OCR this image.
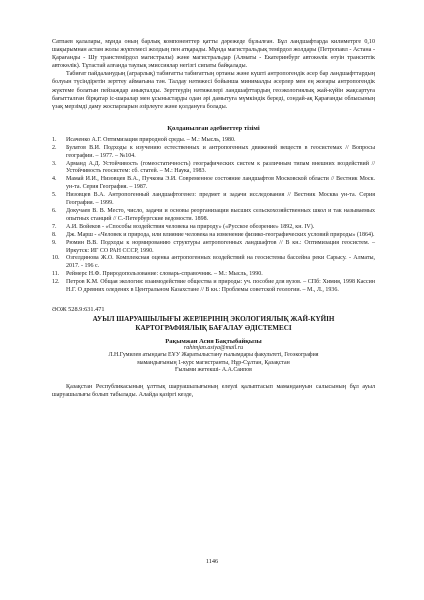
Сатпаев қалалары, мұнда оның барлық компоненттер қатты дәрежеде бұзылған. Бұл ландшафтарда килиметрге 0,10 шақырымнан астам жолы жүктемесі жолдың пен атқарады. Мұнда магистральдық темірдол жолдары (Петропавл - Астана - Қарағанды - Шу транстемірдол магистралы) және магистральдар (Алматы - Екатеринбург автокөлік өтуін транситтік автокөлік). Тұтастай алғанда таулық эмиссиялар негізгі сипаты байқалады.

Табиғат пайдаланудың (аграрлық) табиғатты табиғаттың ортаны және күшті антропогендік әсер бар ландшафттардың болуын түсіндіретін зерттеу аймағына тән. Талдау нәтижесі бойынша минималды әсерлер мен ең жоғары антропогендік жүктеме болатын пейзаждар анықталды. Зерттеудің нәтижелері ландшафттардың геоэкологиялық жай-күйін жақсартуға бағытталған бірқатар іс-шаралар мен ұсыныстарды одан әрі дамытуға мүмкіндік береді, сондай-ақ Қарағанды облысының үзақ мерзімді даму жоспарларын әзірлеуге және қолдануға болады.

Қолданылған әдебиеттер тізімі
1. Исаченко А.Г. Оптимизация природной среды. – М.: Мысль, 1980.
2. Булатов В.И. Подходы к изучению естественных и антропогенных движений веществ в геосистемах // Вопросы географии. – 1977. – №104.
3. Арманд А.Д. Устойчивость (гомеостатичность) географических систем к различным типам внешних воздействий // Устойчивость геосистем: сб. статей. – М.: Наука, 1983.
4. Мамай И.И., Низовцев В.А., Пучкова Э.И. Современное состояние ландшафтов Московской области // Вестник Моск. ун-та. Серия География. – 1987.
5. Низовцев В.А. Антропогенный ландшафтогенез: предмет и задачи исследования // Вестник Москва ун-та. Серия География. – 1999.
6. Докучаев В. В. Место, число, задачи и основы реорганизации высших сельскохозяйственных школ и так называемых опытных станций // С.-Петербургские ведомости. 1898.
7. А.И. Войеков - «Способы воздействия человека на природу» («Русское обозрение» 1892, кн. IV).
8. Дж. Марш - «Человек и природа, или влияние человека на изменение физико-географических условий природы» (1864).
9. Рюмин В.В. Подходы к нормированию структуры антропогенных ландшафтов // В кн.: Оптимизация геосистем. – Иркутск: ИГ СО РАН СССР, 1990.
10. Озгелдинова Ж.О. Комплексная оценка антропогенных воздействий на геосистемы бассейна реки Сарысу. - Алматы, 2017. - 196 с.
11. Реймерс Н.Ф. Природопользование: словарь-справочник. – М.: Мысль, 1990.
12. Петров К.М. Общая экология: взаимодействие общества и природы: уч. пособие для вузов. – СПб: Химия, 1998 Кассин Н.Г. О древних оледенях в Центральном Казахстане // В кн.: Проблемы советской геологии. – М., Л., 1936.
ӘОЖ 528.9:631.471
АУЫЛ ШАРУАШЫЛЫҒЫ ЖЕРЛЕРІНІҢ ЭКОЛОГИЯЛЫҚ ЖАЙ-КҮЙІН
КАРТОГРАФИЯЛЫҚ БАҒАЛАУ ӘДІСТЕМЕСІ
Рақымжан Асия Бақтыбайқызы
rahimjan.asiya@mail.ru
Л.Н.Гумилев атындағы ЕҰУ Жаратылыстану ғылымдары факультеті, Геоэкография
мамандығының 1-курс магистранты, Нұр-Сұлтан, Қазақстан
Ғылыми жетекші- А.А.Саипов

Қазақстан Республикасының ұлттық шаруашылығының елеулі қалыптасып мамандануын салысының бұл ауыл шаруашылығы болып табылады. Алайда қазіргі кезде,

1146
